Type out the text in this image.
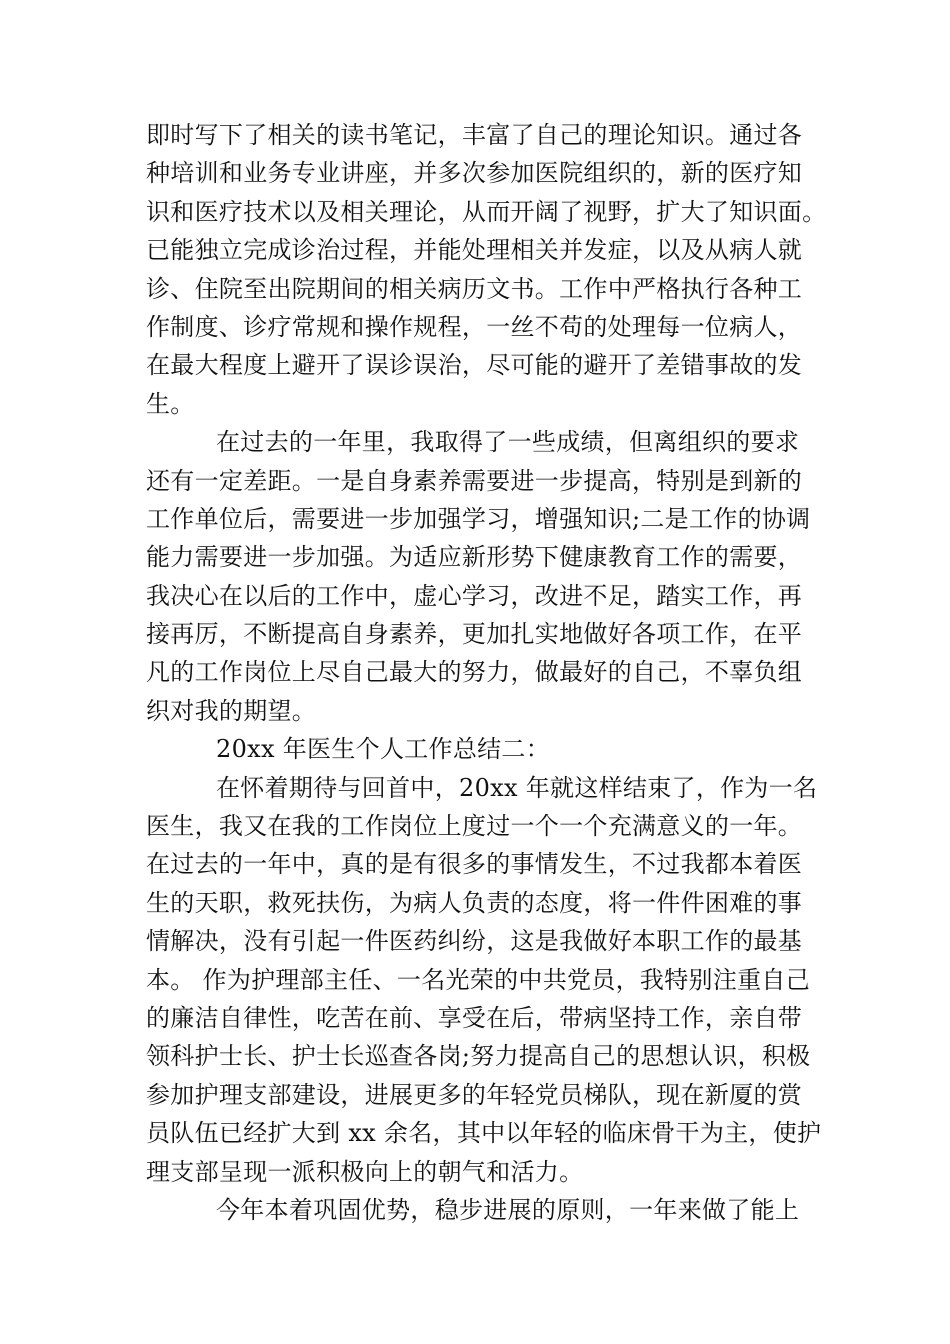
即时写下了相关的读书笔记，丰富了自己的理论知识。通过各
种培训和业务专业讲座，并多次参加医院组织的，新的医疗知
识和医疗技术以及相关理论，从而开阔了视野，扩大了知识面。
已能独立完成诊治过程，并能处理相关并发症，以及从病人就
诊、住院至出院期间的相关病历文书。工作中严格执行各种工
作制度、诊疗常规和操作规程，一丝不苟的处理每一位病人，
在最大程度上避开了误诊误治，尽可能的避开了差错事故的发
生。
在过去的一年里，我取得了一些成绩，但离组织的要求
还有一定差距。一是自身素养需要进一步提高，特别是到新的
工作单位后，需要进一步加强学习，增强知识;二是工作的协调
能力需要进一步加强。为适应新形势下健康教育工作的需要，
我决心在以后的工作中，虚心学习，改进不足，踏实工作，再
接再厉，不断提高自身素养，更加扎实地做好各项工作，在平
凡的工作岗位上尽自己最大的努力，做最好的自己，不辜负组
织对我的期望。
20xx 年医生个人工作总结二：
在怀着期待与回首中，20xx 年就这样结束了，作为一名
医生，我又在我的工作岗位上度过一个一个充满意义的一年。
在过去的一年中，真的是有很多的事情发生，不过我都本着医
生的天职，救死扶伤，为病人负责的态度，将一件件困难的事
情解决，没有引起一件医药纠纷，这是我做好本职工作的最基
本。 作为护理部主任、一名光荣的中共党员，我特别注重自己
的廉洁自律性，吃苦在前、享受在后，带病坚持工作，亲自带
领科护士长、护士长巡查各岗;努力提高自己的思想认识，积极
参加护理支部建设，进展更多的年轻党员梯队，现在新厦的赏
员队伍已经扩大到 xx 余名，其中以年轻的临床骨干为主，使护
理支部呈现一派积极向上的朝气和活力。
今年本着巩固优势，稳步进展的原则，一年来做了能上
